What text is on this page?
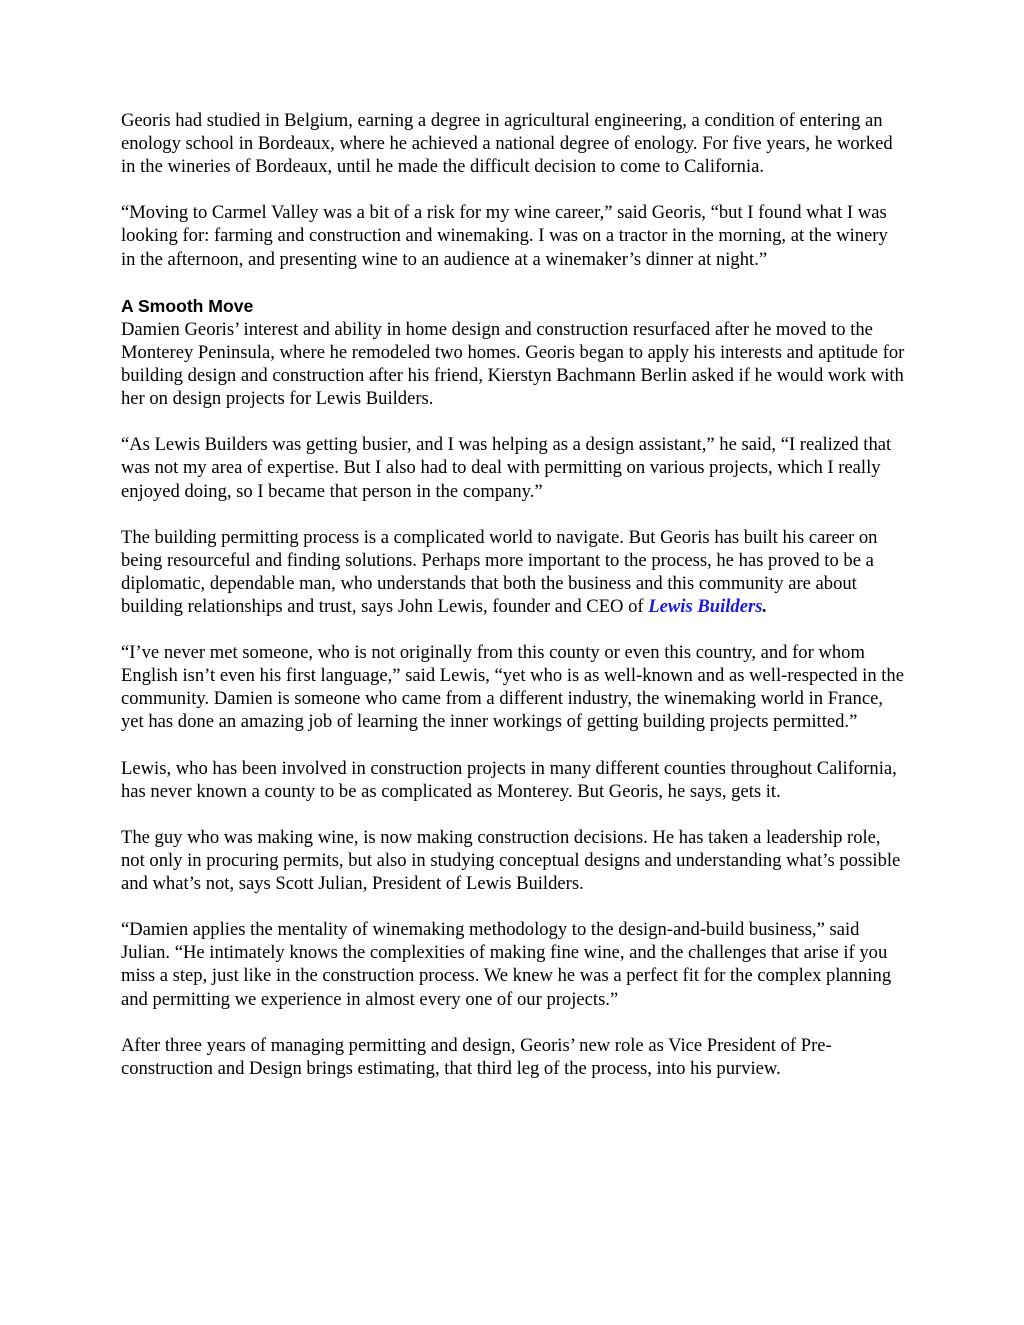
Georis had studied in Belgium, earning a degree in agricultural engineering, a condition of entering an enology school in Bordeaux, where he achieved a national degree of enology. For five years, he worked in the wineries of Bordeaux, until he made the difficult decision to come to California.

“Moving to Carmel Valley was a bit of a risk for my wine career,” said Georis, “but I found what I was looking for: farming and construction and winemaking. I was on a tractor in the morning, at the winery in the afternoon, and presenting wine to an audience at a winemaker’s dinner at night.”

A Smooth Move

Damien Georis’ interest and ability in home design and construction resurfaced after he moved to the Monterey Peninsula, where he remodeled two homes. Georis began to apply his interests and aptitude for building design and construction after his friend, Kierstyn Bachmann Berlin asked if he would work with her on design projects for Lewis Builders.

“As Lewis Builders was getting busier, and I was helping as a design assistant,” he said, “I realized that was not my area of expertise. But I also had to deal with permitting on various projects, which I really enjoyed doing, so I became that person in the company.”

The building permitting process is a complicated world to navigate. But Georis has built his career on being resourceful and finding solutions. Perhaps more important to the process, he has proved to be a diplomatic, dependable man, who understands that both the business and this community are about building relationships and trust, says John Lewis, founder and CEO of Lewis Builders.

“I’ve never met someone, who is not originally from this county or even this country, and for whom English isn’t even his first language,” said Lewis, “yet who is as well-known and as well-respected in the community. Damien is someone who came from a different industry, the winemaking world in France, yet has done an amazing job of learning the inner workings of getting building projects permitted.”

Lewis, who has been involved in construction projects in many different counties throughout California, has never known a county to be as complicated as Monterey. But Georis, he says, gets it.

The guy who was making wine, is now making construction decisions. He has taken a leadership role, not only in procuring permits, but also in studying conceptual designs and understanding what’s possible and what’s not, says Scott Julian, President of Lewis Builders.

“Damien applies the mentality of winemaking methodology to the design-and-build business,” said Julian. “He intimately knows the complexities of making fine wine, and the challenges that arise if you miss a step, just like in the construction process. We knew he was a perfect fit for the complex planning and permitting we experience in almost every one of our projects.”

After three years of managing permitting and design, Georis’ new role as Vice President of Pre-construction and Design brings estimating, that third leg of the process, into his purview.
